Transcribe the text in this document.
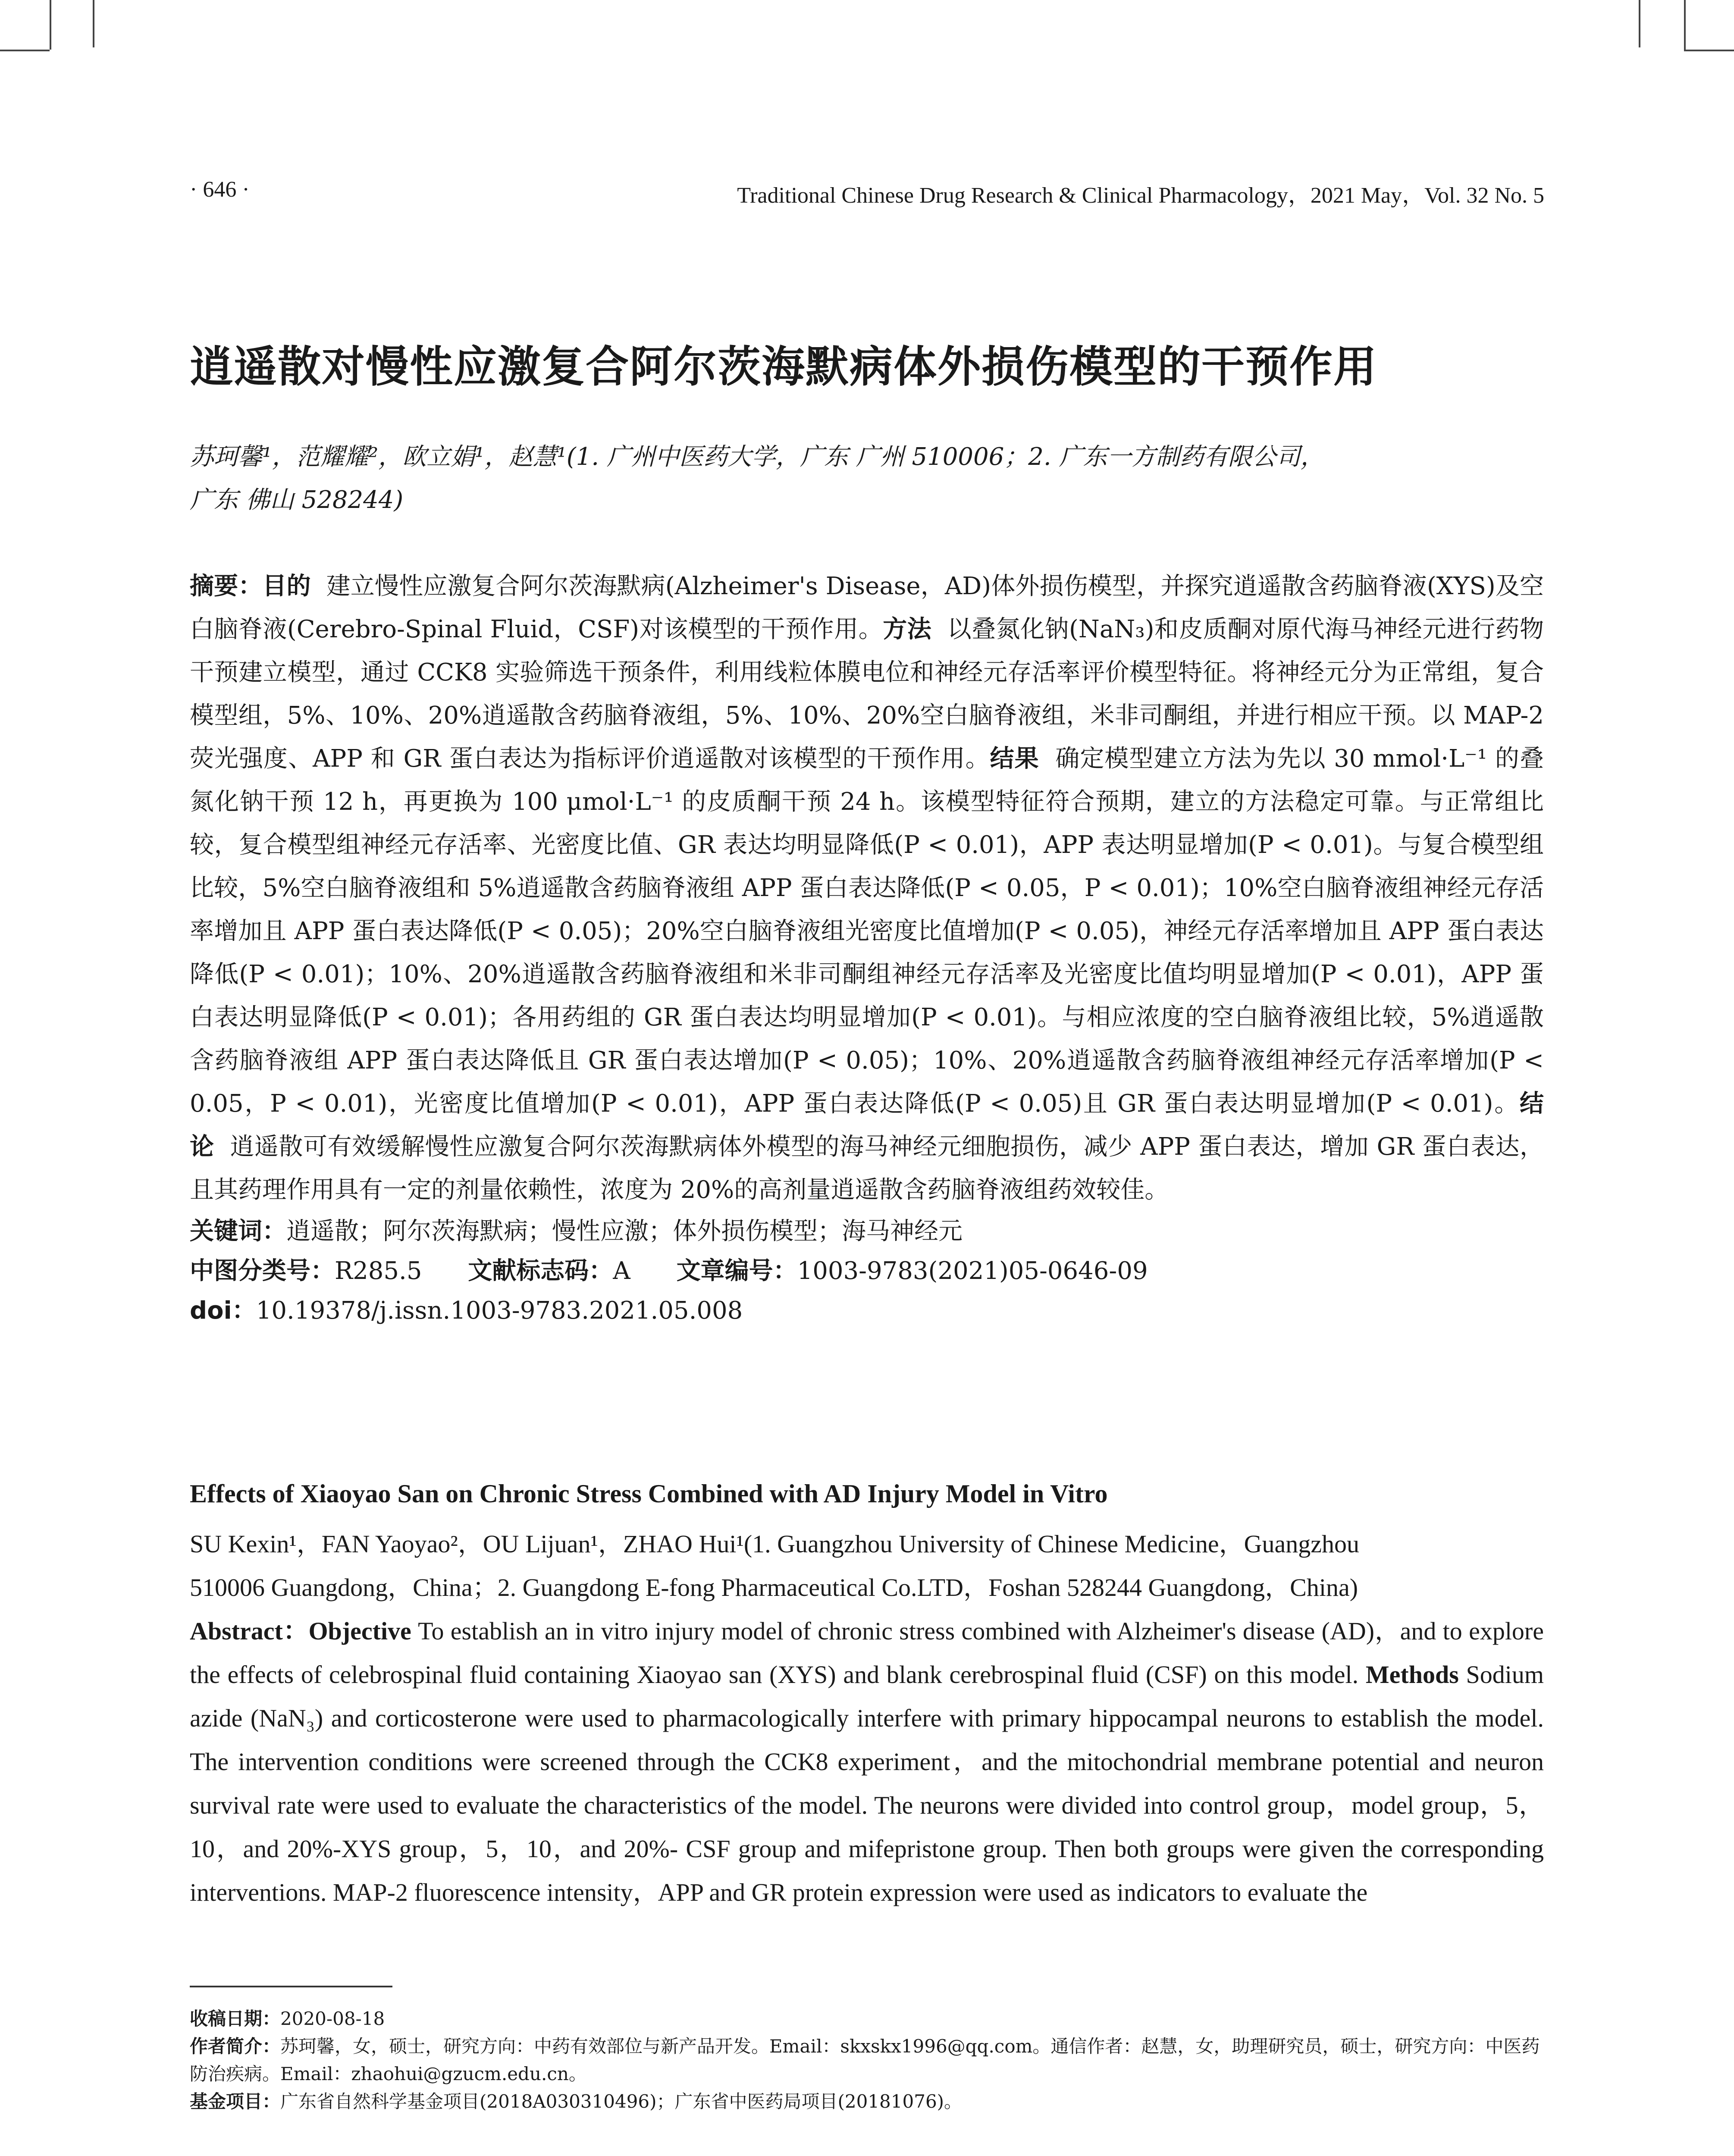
· 646 ·	Traditional Chinese Drug Research & Clinical Pharmacology，2021 May，Vol. 32 No. 5
逍遥散对慢性应激复合阿尔茨海默病体外损伤模型的干预作用
苏珂馨¹，范耀耀²，欧立娟¹，赵慧¹(1. 广州中医药大学，广东 广州 510006；2. 广东一方制药有限公司，
广东 佛山 528244)
摘要：目的 建立慢性应激复合阿尔茨海默病(Alzheimer's Disease，AD)体外损伤模型，并探究逍遥散含药脑脊液(XYS)及空白脑脊液(Cerebro-Spinal Fluid，CSF)对该模型的干预作用。方法 以叠氮化钠(NaN₃)和皮质酮对原代海马神经元进行药物干预建立模型，通过 CCK8 实验筛选干预条件，利用线粒体膜电位和神经元存活率评价模型特征。将神经元分为正常组，复合模型组，5%、10%、20%逍遥散含药脑脊液组，5%、10%、20%空白脑脊液组，米非司酮组，并进行相应干预。以 MAP-2 荧光强度、APP 和 GR 蛋白表达为指标评价逍遥散对该模型的干预作用。结果 确定模型建立方法为先以 30 mmol·L⁻¹ 的叠氮化钠干预 12 h，再更换为 100 μmol·L⁻¹ 的皮质酮干预 24 h。该模型特征符合预期，建立的方法稳定可靠。与正常组比较，复合模型组神经元存活率、光密度比值、GR 表达均明显降低(P < 0.01)，APP 表达明显增加(P < 0.01)。与复合模型组比较，5%空白脑脊液组和 5%逍遥散含药脑脊液组 APP 蛋白表达降低(P < 0.05，P < 0.01)；10%空白脑脊液组神经元存活率增加且 APP 蛋白表达降低(P < 0.05)；20%空白脑脊液组光密度比值增加(P < 0.05)，神经元存活率增加且 APP 蛋白表达降低(P < 0.01)；10%、20%逍遥散含药脑脊液组和米非司酮组神经元存活率及光密度比值均明显增加(P < 0.01)，APP 蛋白表达明显降低(P < 0.01)；各用药组的 GR 蛋白表达均明显增加(P < 0.01)。与相应浓度的空白脑脊液组比较，5%逍遥散含药脑脊液组 APP 蛋白表达降低且 GR 蛋白表达增加(P < 0.05)；10%、20%逍遥散含药脑脊液组神经元存活率增加(P < 0.05，P < 0.01)，光密度比值增加(P < 0.01)，APP 蛋白表达降低(P < 0.05)且 GR 蛋白表达明显增加(P < 0.01)。结论 逍遥散可有效缓解慢性应激复合阿尔茨海默病体外模型的海马神经元细胞损伤，减少 APP 蛋白表达，增加 GR 蛋白表达，且其药理作用具有一定的剂量依赖性，浓度为 20%的高剂量逍遥散含药脑脊液组药效较佳。
关键词：逍遥散；阿尔茨海默病；慢性应激；体外损伤模型；海马神经元
中图分类号：R285.5 文献标志码：A 文章编号：1003-9783(2021)05-0646-09
doi：10.19378/j.issn.1003-9783.2021.05.008
Effects of Xiaoyao San on Chronic Stress Combined with AD Injury Model in Vitro
SU Kexin¹，FAN Yaoyao²，OU Lijuan¹，ZHAO Hui¹(1. Guangzhou University of Chinese Medicine，Guangzhou
510006 Guangdong，China；2. Guangdong E-fong Pharmaceutical Co.LTD，Foshan 528244 Guangdong，China)
Abstract：Objective To establish an in vitro injury model of chronic stress combined with Alzheimer's disease (AD)，and to explore the effects of celebrospinal fluid containing Xiaoyao san (XYS) and blank cerebrospinal fluid (CSF) on this model. Methods Sodium azide (NaN₃) and corticosterone were used to pharmacologically interfere with primary hippocampal neurons to establish the model. The intervention conditions were screened through the CCK8 experiment，and the mitochondrial membrane potential and neuron survival rate were used to evaluate the characteristics of the model. The neurons were divided into control group，model group，5，10，and 20%-XYS group，5，10，and 20%- CSF group and mifepristone group. Then both groups were given the corresponding interventions. MAP-2 fluorescence intensity，APP and GR protein expression were used as indicators to evaluate the
收稿日期：2020-08-18
作者简介：苏珂馨，女，硕士，研究方向：中药有效部位与新产品开发。Email：skxskx1996@qq.com。通信作者：赵慧，女，助理研究员，硕士，研究方向：中医药防治疾病。Email：zhaohui@gzucm.edu.cn。
基金项目：广东省自然科学基金项目(2018A030310496)；广东省中医药局项目(20181076)。
